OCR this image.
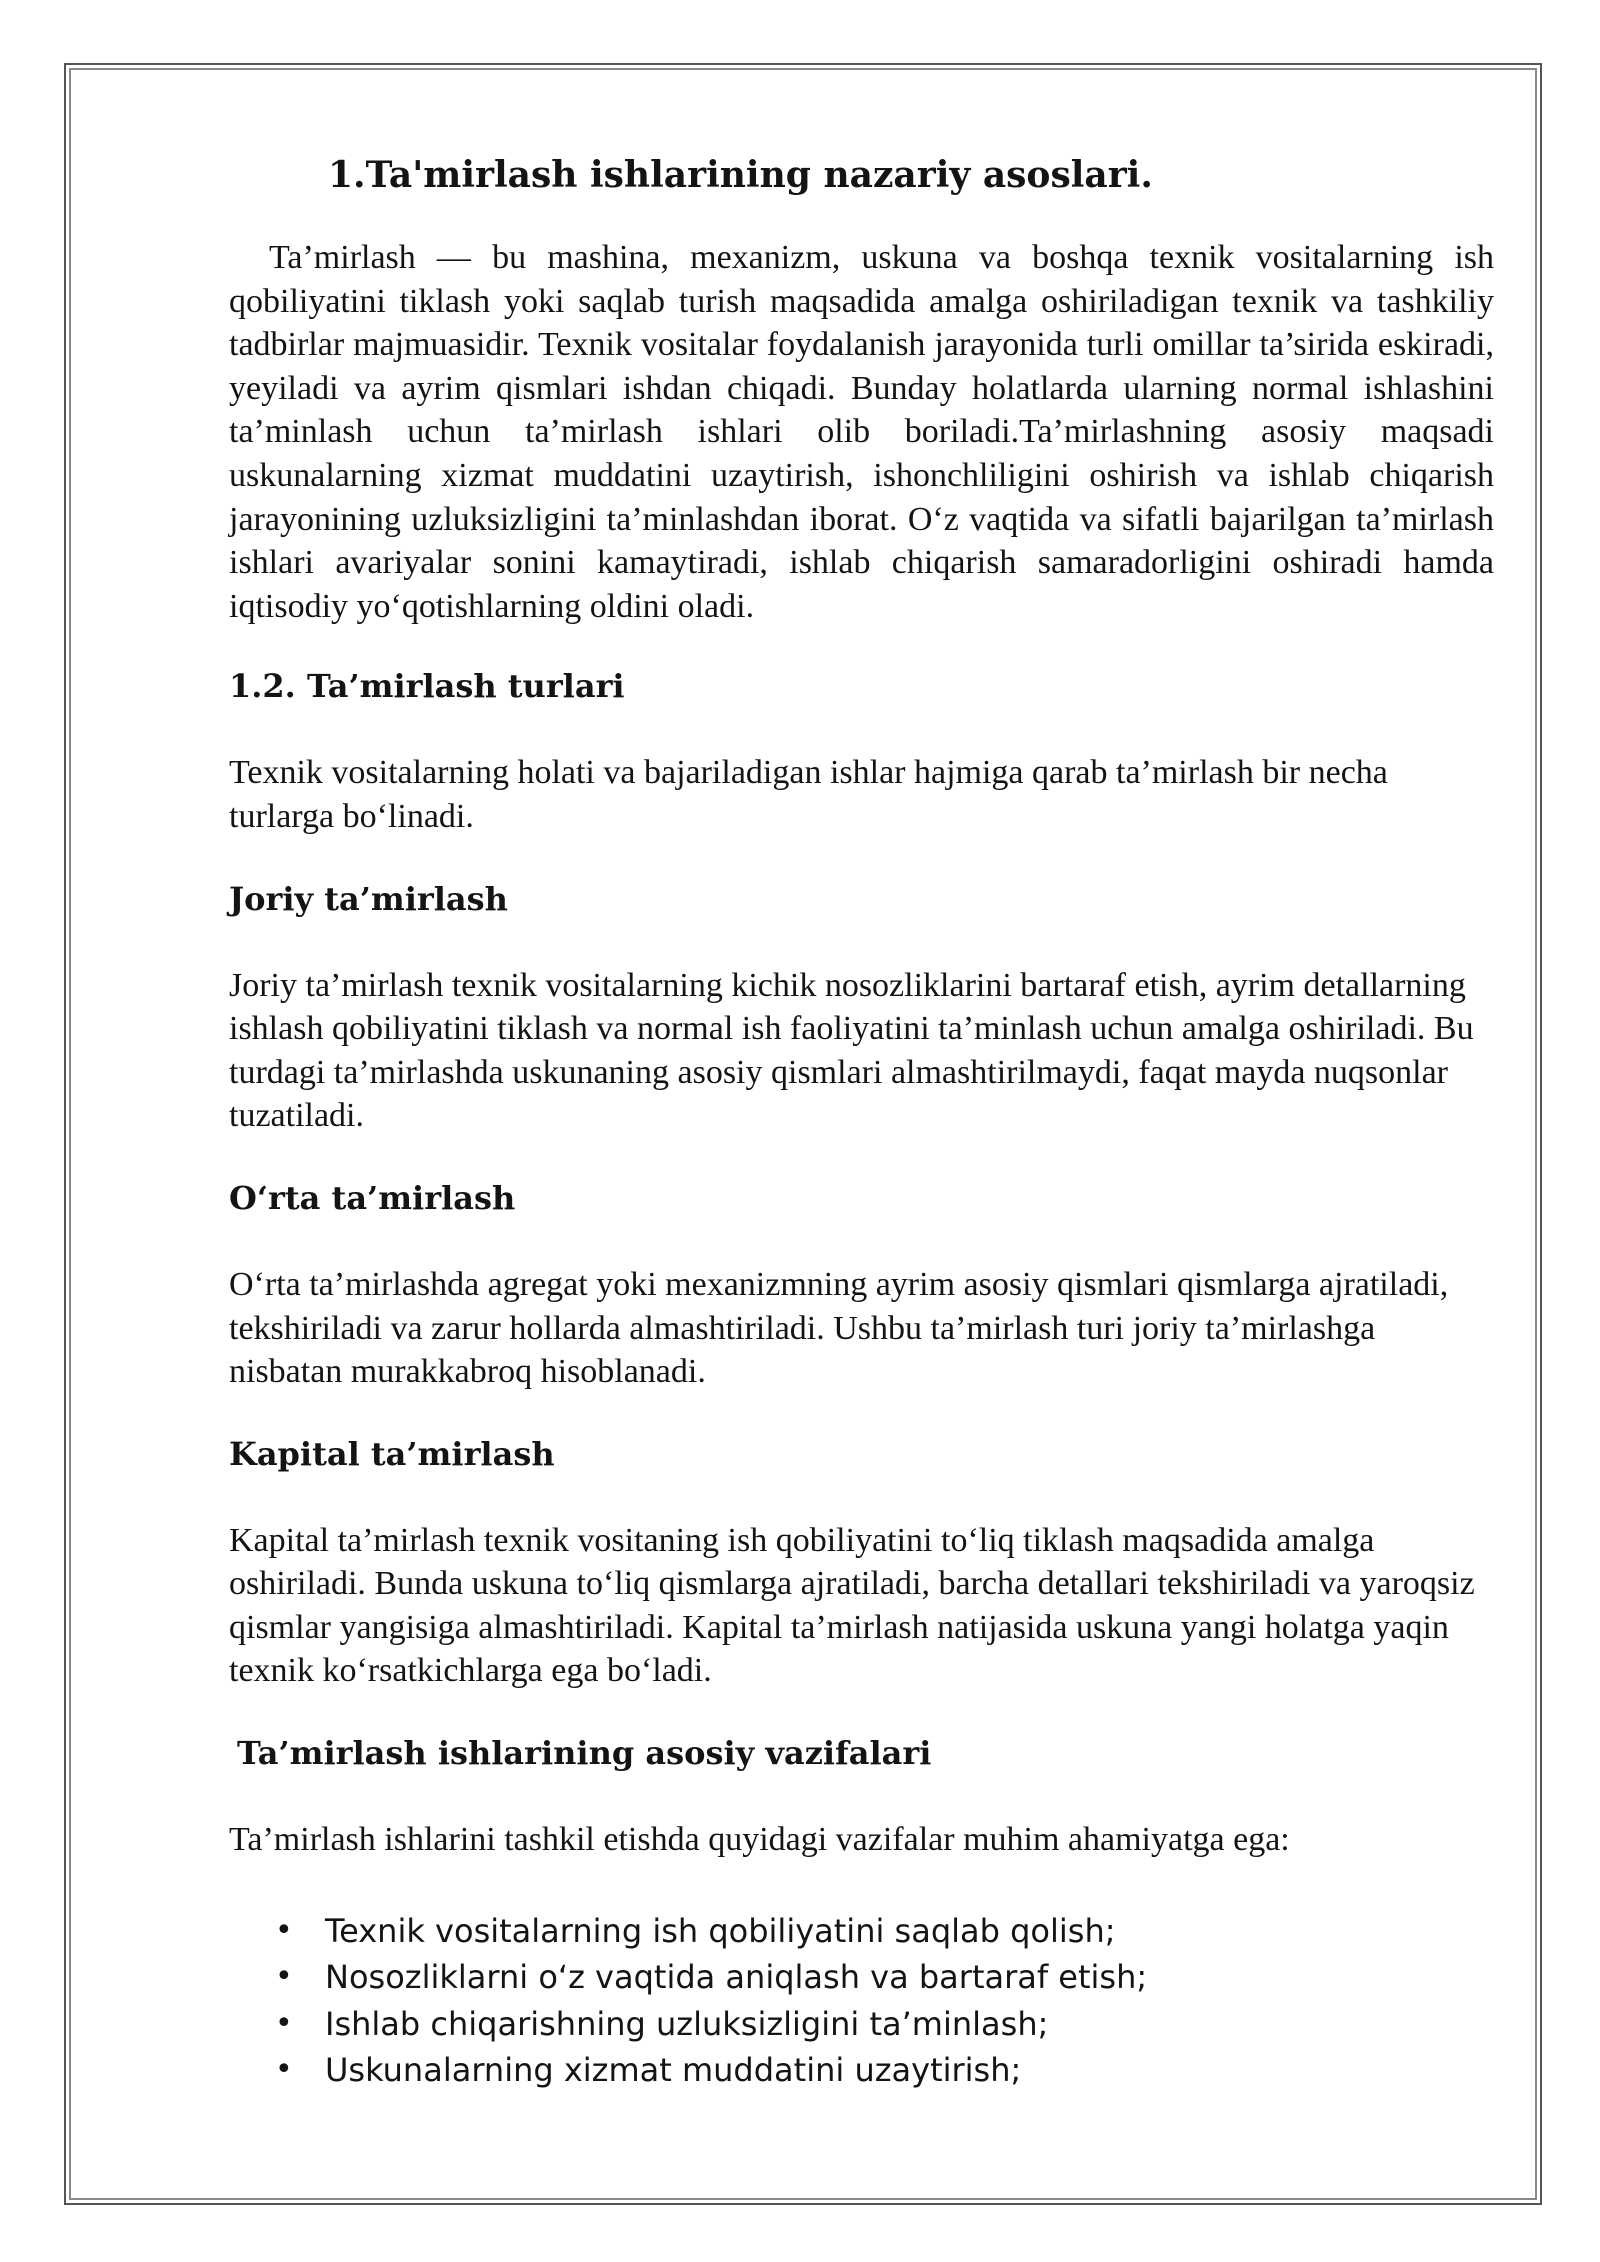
1.Ta'mirlash ishlarining nazariy asoslari.

Ta’mirlash — bu mashina, mexanizm, uskuna va boshqa texnik vositalarning ish qobiliyatini tiklash yoki saqlab turish maqsadida amalga oshiriladigan texnik va tashkiliy tadbirlar majmuasidir. Texnik vositalar foydalanish jarayonida turli omillar ta’sirida eskiradi, yeyiladi va ayrim qismlari ishdan chiqadi. Bunday holatlarda ularning normal ishlashini ta’minlash uchun ta’mirlash ishlari olib boriladi.Ta’mirlashning asosiy maqsadi uskunalarning xizmat muddatini uzaytirish, ishonchliligini oshirish va ishlab chiqarish jarayonining uzluksizligini ta’minlashdan iborat. O‘z vaqtida va sifatli bajarilgan ta’mirlash ishlari avariyalar sonini kamaytiradi, ishlab chiqarish samaradorligini oshiradi hamda iqtisodiy yo‘qotishlarning oldini oladi.

1.2. Ta’mirlash turlari

Texnik vositalarning holati va bajariladigan ishlar hajmiga qarab ta’mirlash bir necha turlarga bo‘linadi.

Joriy ta’mirlash

Joriy ta’mirlash texnik vositalarning kichik nosozliklarini bartaraf etish, ayrim detallarning ishlash qobiliyatini tiklash va normal ish faoliyatini ta’minlash uchun amalga oshiriladi. Bu turdagi ta’mirlashda uskunaning asosiy qismlari almashtirilmaydi, faqat mayda nuqsonlar tuzatiladi.

O‘rta ta’mirlash

O‘rta ta’mirlashda agregat yoki mexanizmning ayrim asosiy qismlari qismlarga ajratiladi, tekshiriladi va zarur hollarda almashtiriladi. Ushbu ta’mirlash turi joriy ta’mirlashga nisbatan murakkabroq hisoblanadi.

Kapital ta’mirlash

Kapital ta’mirlash texnik vositaning ish qobiliyatini to‘liq tiklash maqsadida amalga oshiriladi. Bunda uskuna to‘liq qismlarga ajratiladi, barcha detallari tekshiriladi va yaroqsiz qismlar yangisiga almashtiriladi. Kapital ta’mirlash natijasida uskuna yangi holatga yaqin texnik ko‘rsatkichlarga ega bo‘ladi.

Ta’mirlash ishlarining asosiy vazifalari

Ta’mirlash ishlarini tashkil etishda quyidagi vazifalar muhim ahamiyatga ega:

• Texnik vositalarning ish qobiliyatini saqlab qolish;
• Nosozliklarni o‘z vaqtida aniqlash va bartaraf etish;
• Ishlab chiqarishning uzluksizligini ta’minlash;
• Uskunalarning xizmat muddatini uzaytirish;
